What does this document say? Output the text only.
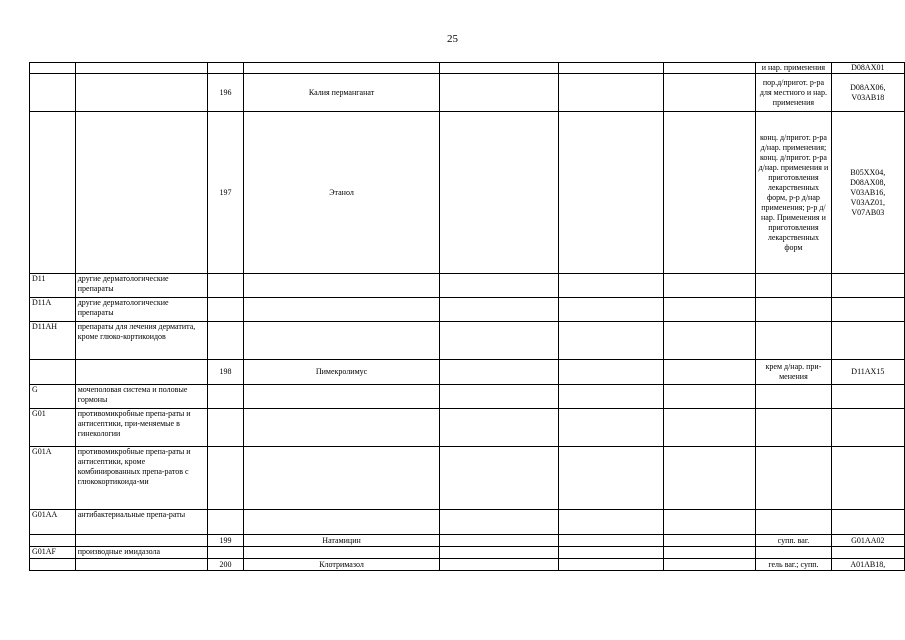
25
							и нар. применения	D08AX01
		196	Калия перманганат				пор.д/пригот. р-ра для местного и нар. применения	D08AX06, V03AB18
		197	Этанол				конц. д/пригот. р-ра д/нар. применения; конц. д/пригот. р-ра д/нар. применения и приготовления лекарственных форм, р-р д/нар применения; р-р д/нар. Применения и приготовления лекарственных форм	B05XX04, D08AX08, V03AB16, V03AZ01, V07AB03
D11	другие дерматологические препараты							
D11A	другие дерматологические препараты							
D11AH	препараты для лечения дерматита, кроме глюко-кортикоидов							
		198	Пимекролимус				крем д/нар. при-менения	D11AX15
G	мочеполовая система и половые гормоны							
G01	противомикробные препа-раты и антисептики, при-меняемые в гинекологии							
G01A	противомикробные препа-раты и антисептики, кроме комбинированных препа-ратов с глюкокортикоида-ми							
G01AA	антибактериальные препа-раты							
		199	Натамицин				супп. ваг.	G01AA02
G01AF	производные имидазола							
		200	Клотримазол				гель ваг.; супп.	A01AB18,
